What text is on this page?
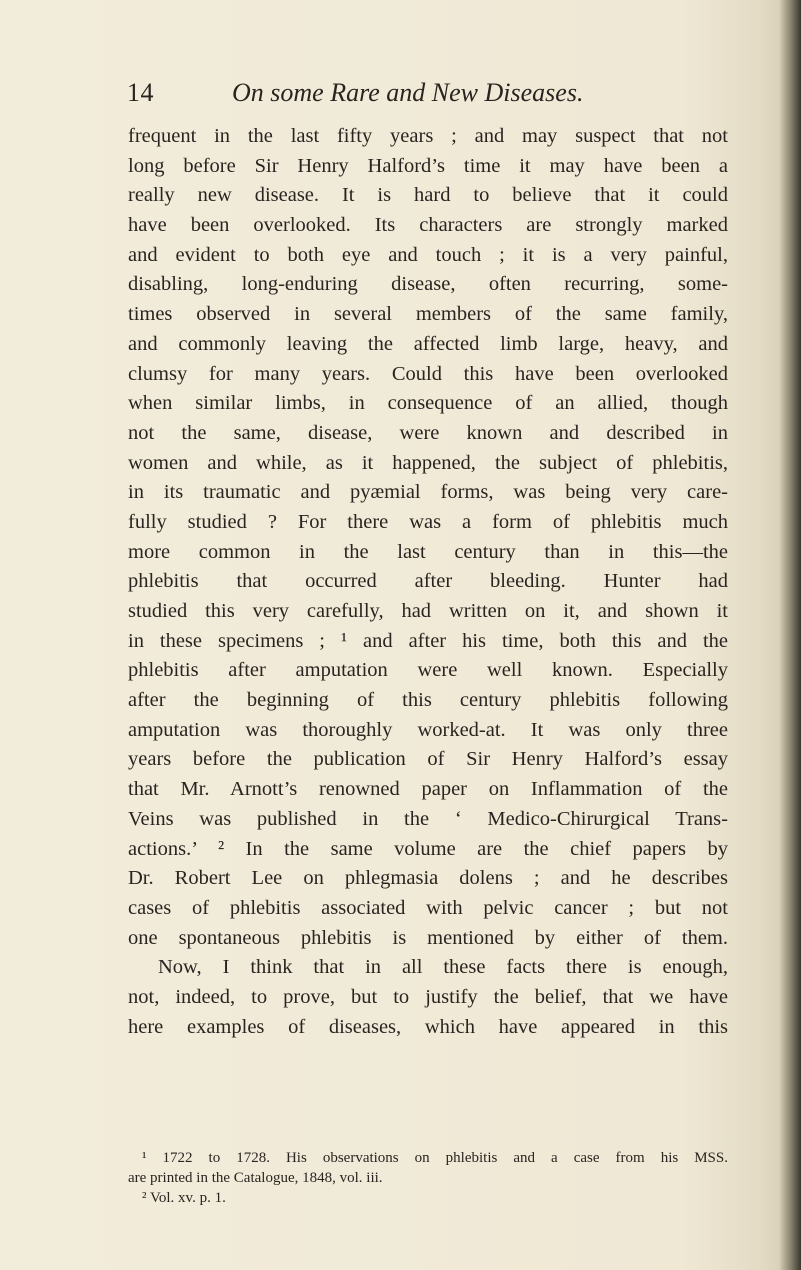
14	On some Rare and New Diseases.
frequent in the last fifty years ; and may suspect that not
long before Sir Henry Halford’s time it may have been a
really new disease. It is hard to believe that it could
have been overlooked. Its characters are strongly marked
and evident to both eye and touch ; it is a very painful,
disabling, long-enduring disease, often recurring, some-
times observed in several members of the same family,
and commonly leaving the affected limb large, heavy, and
clumsy for many years. Could this have been overlooked
when similar limbs, in consequence of an allied, though
not the same, disease, were known and described in
women and while, as it happened, the subject of phlebitis,
in its traumatic and pyæmial forms, was being very care-
fully studied ? For there was a form of phlebitis much
more common in the last century than in this—the
phlebitis that occurred after bleeding. Hunter had
studied this very carefully, had written on it, and shown it
in these specimens ; ¹ and after his time, both this and the
phlebitis after amputation were well known. Especially
after the beginning of this century phlebitis following
amputation was thoroughly worked-at. It was only three
years before the publication of Sir Henry Halford’s essay
that Mr. Arnott’s renowned paper on Inflammation of the
Veins was published in the ‘ Medico-Chirurgical Trans-
actions.’ ² In the same volume are the chief papers by
Dr. Robert Lee on phlegmasia dolens ; and he describes
cases of phlebitis associated with pelvic cancer ; but not
one spontaneous phlebitis is mentioned by either of them.
Now, I think that in all these facts there is enough,
not, indeed, to prove, but to justify the belief, that we have
here examples of diseases, which have appeared in this
¹ 1722 to 1728. His observations on phlebitis and a case from his MSS.
are printed in the Catalogue, 1848, vol. iii.
² Vol. xv. p. 1.
